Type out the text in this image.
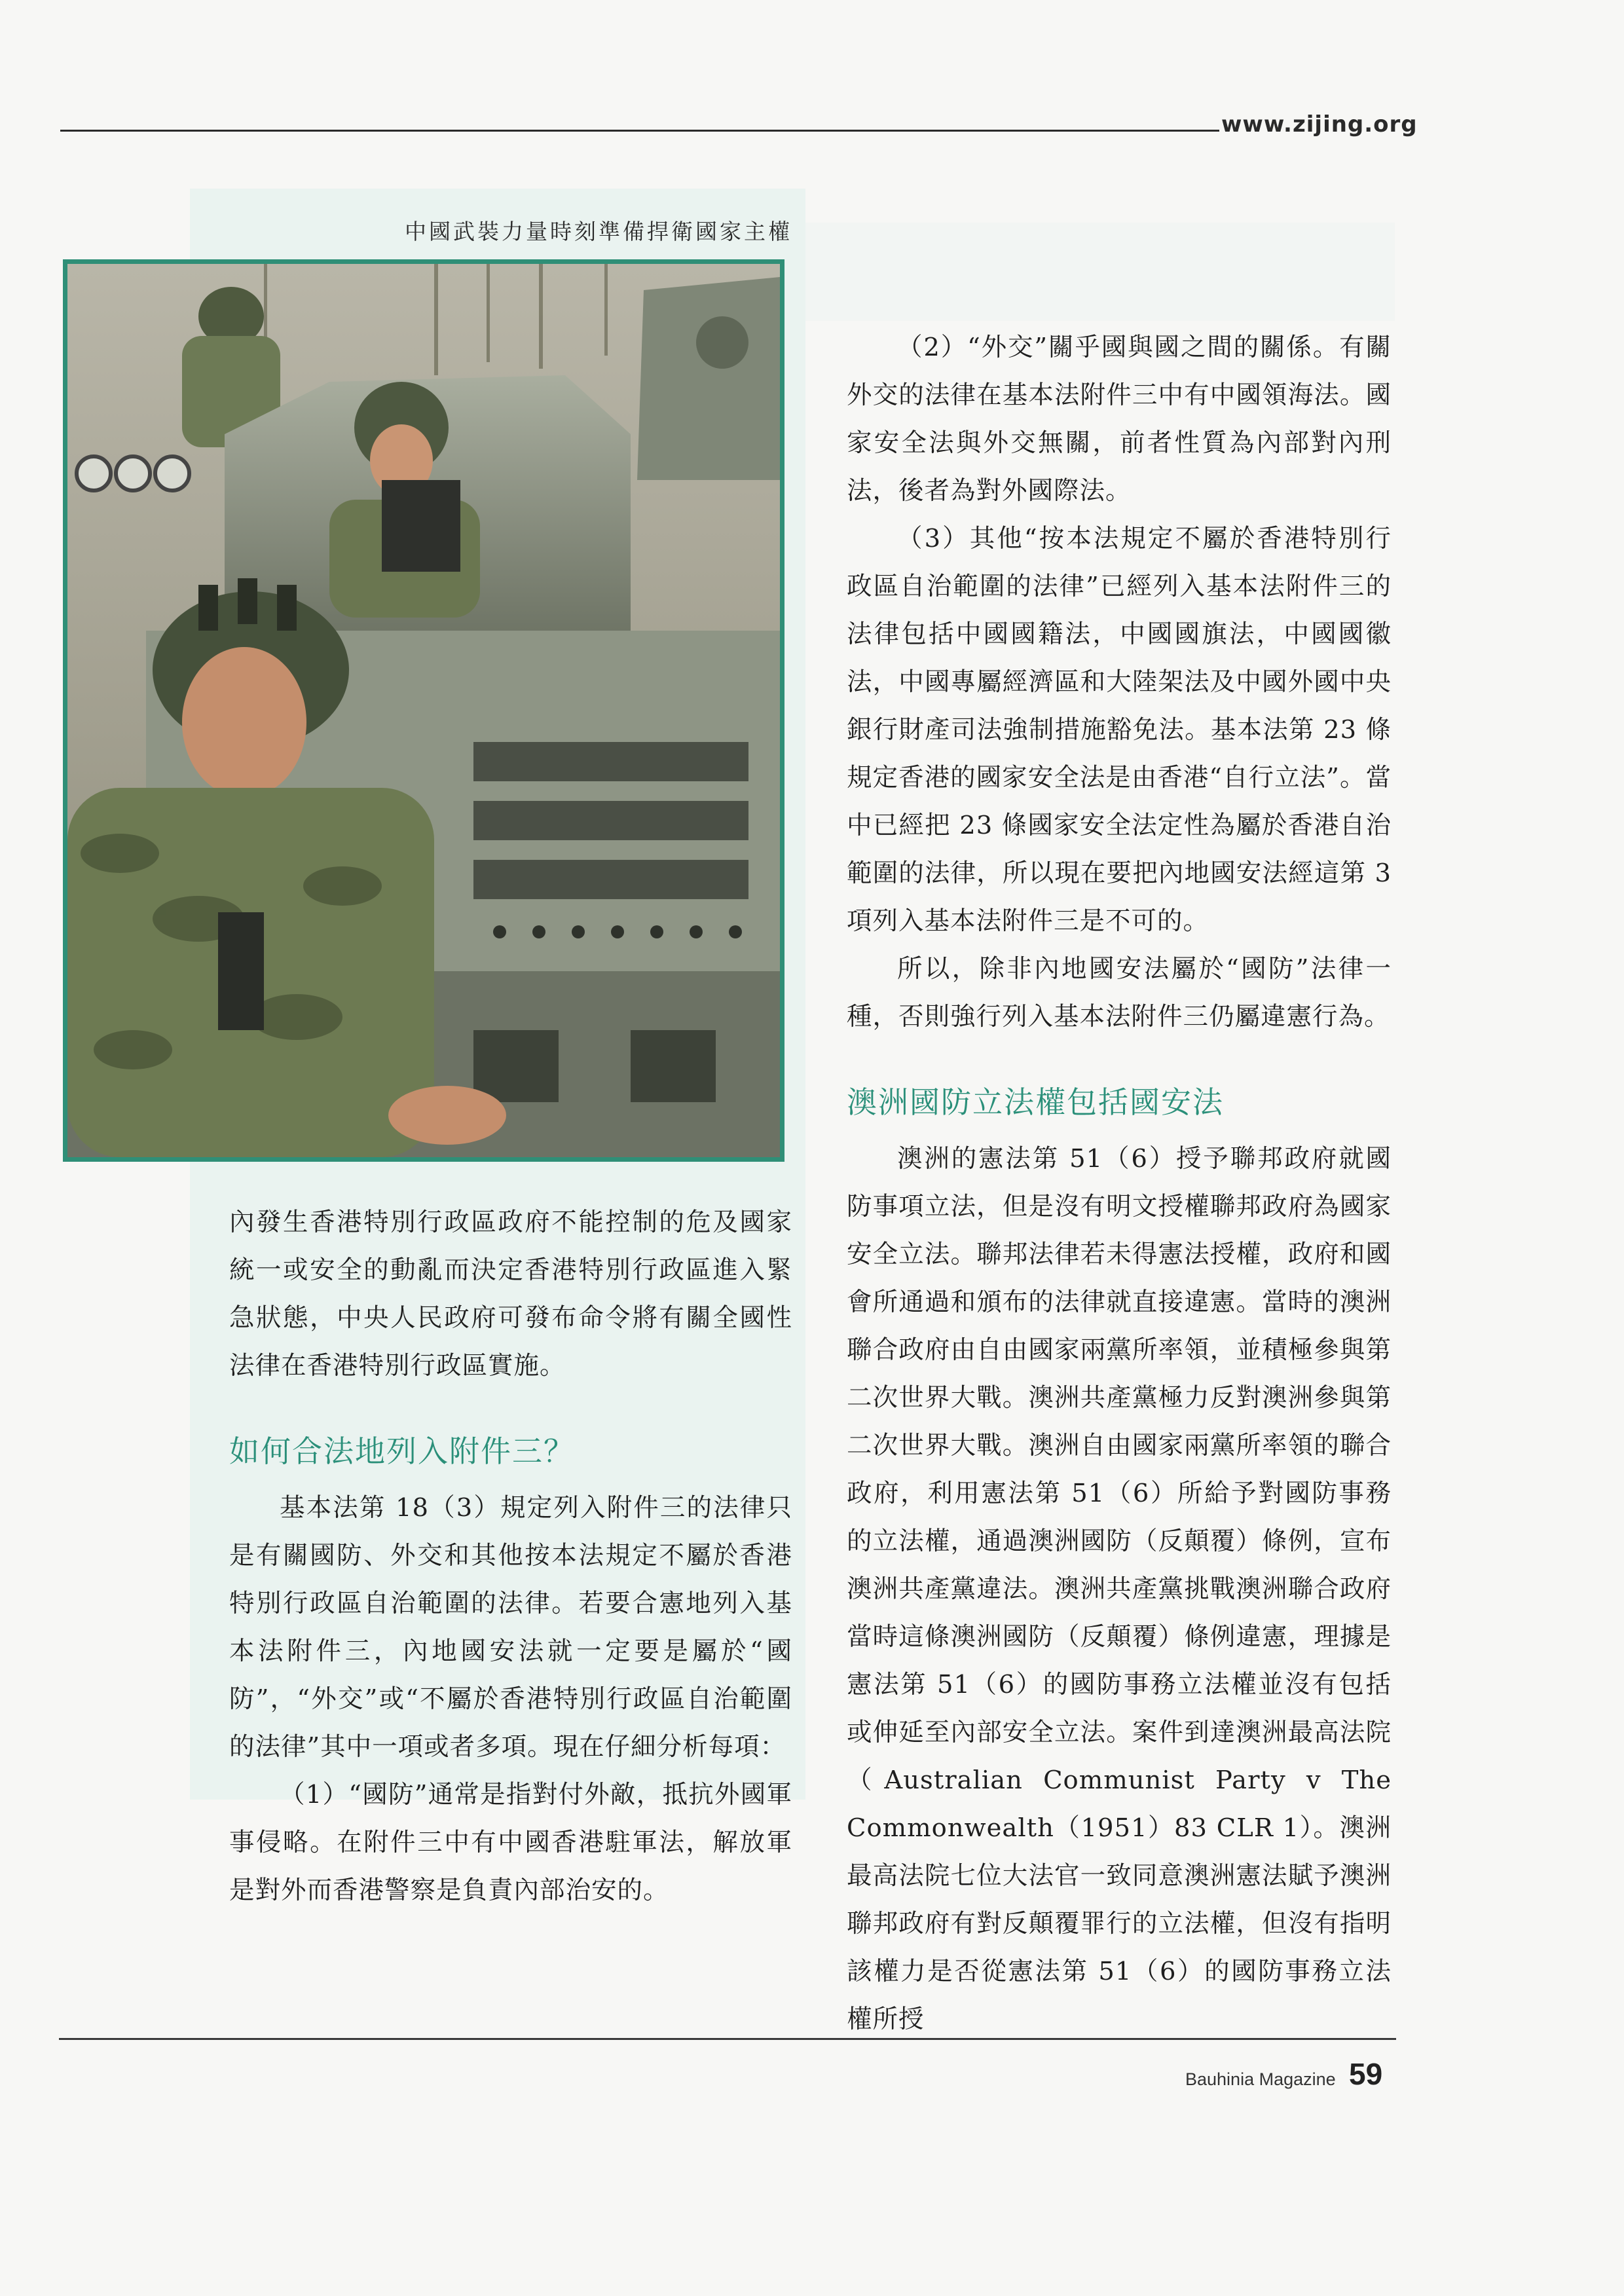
www.zijing.org
中國武裝力量時刻準備捍衛國家主權

內發生香港特別行政區政府不能控制的危及國家統一或安全的動亂而決定香港特別行政區進入緊急狀態，中央人民政府可發布命令將有關全國性法律在香港特別行政區實施。

如何合法地列入附件三？

基本法第 18（3）規定列入附件三的法律只是有關國防、外交和其他按本法規定不屬於香港特別行政區自治範圍的法律。若要合憲地列入基本法附件三，內地國安法就一定要是屬於“國防”，“外交”或“不屬於香港特別行政區自治範圍的法律”其中一項或者多項。現在仔細分析每項：

（1）“國防”通常是指對付外敵，抵抗外國軍事侵略。在附件三中有中國香港駐軍法，解放軍是對外而香港警察是負責內部治安的。

（2）“外交”關乎國與國之間的關係。有關外交的法律在基本法附件三中有中國領海法。國家安全法與外交無關，前者性質為內部對內刑法，後者為對外國際法。

（3）其他“按本法規定不屬於香港特別行政區自治範圍的法律”已經列入基本法附件三的法律包括中國國籍法，中國國旗法，中國國徽法，中國專屬經濟區和大陸架法及中國外國中央銀行財產司法強制措施豁免法。基本法第 23 條規定香港的國家安全法是由香港“自行立法”。當中已經把 23 條國家安全法定性為屬於香港自治範圍的法律，所以現在要把內地國安法經這第 3 項列入基本法附件三是不可的。

所以，除非內地國安法屬於“國防”法律一種，否則強行列入基本法附件三仍屬違憲行為。

澳洲國防立法權包括國安法

澳洲的憲法第 51（6）授予聯邦政府就國防事項立法，但是沒有明文授權聯邦政府為國家安全立法。聯邦法律若未得憲法授權，政府和國會所通過和頒布的法律就直接違憲。當時的澳洲聯合政府由自由國家兩黨所率領，並積極參與第二次世界大戰。澳洲共產黨極力反對澳洲參與第二次世界大戰。澳洲自由國家兩黨所率領的聯合政府，利用憲法第 51（6）所給予對國防事務的立法權，通過澳洲國防（反顛覆）條例，宣布澳洲共產黨違法。澳洲共產黨挑戰澳洲聯合政府當時這條澳洲國防（反顛覆）條例違憲，理據是憲法第 51（6）的國防事務立法權並沒有包括或伸延至內部安全立法。案件到達澳洲最高法院（Australian Communist Party v The Commonwealth（1951）83 CLR 1）。澳洲最高法院七位大法官一致同意澳洲憲法賦予澳洲聯邦政府有對反顛覆罪行的立法權，但沒有指明該權力是否從憲法第 51（6）的國防事務立法權所授

Bauhinia Magazine 59
